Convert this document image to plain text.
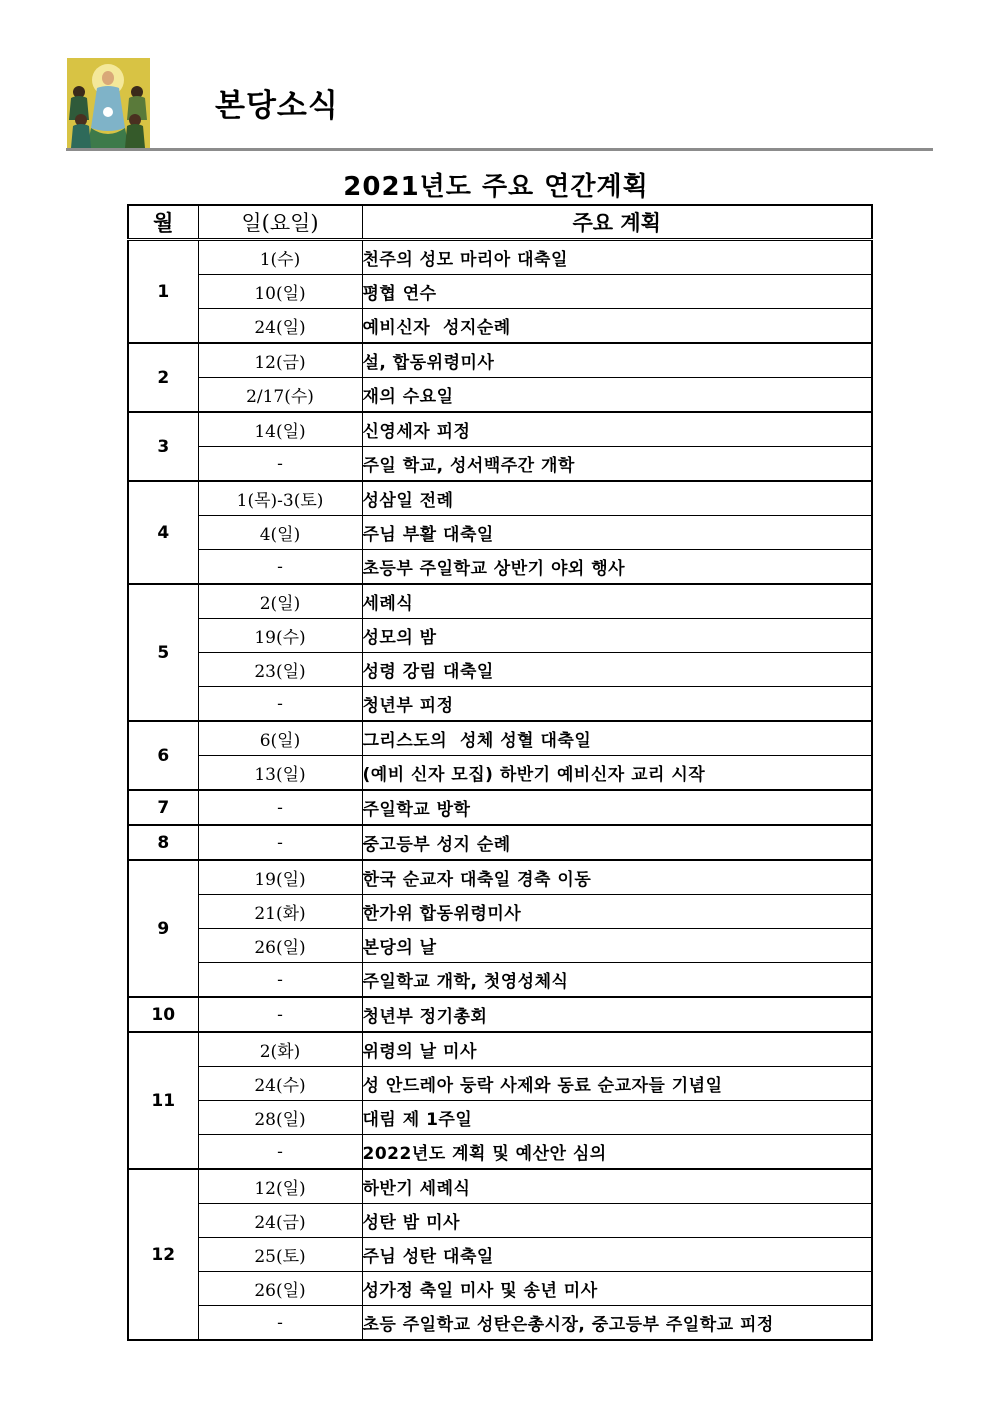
본당소식
2021년도 주요 연간계획
월	일(요일)	주요 계획
1	1(수)	천주의 성모 마리아 대축일
	10(일)	평협 연수
	24(일)	예비신자  성지순례
2	12(금)	설, 합동위령미사
	2/17(수)	재의 수요일
3	14(일)	신영세자 피정
	-	주일 학교, 성서백주간 개학
4	1(목)-3(토)	성삼일 전례
	4(일)	주님 부활 대축일
	-	초등부 주일학교 상반기 야외 행사
5	2(일)	세례식
	19(수)	성모의 밤
	23(일)	성령 강림 대축일
	-	청년부 피정
6	6(일)	그리스도의  성체 성혈 대축일
	13(일)	(예비 신자 모집) 하반기 예비신자 교리 시작
7	-	주일학교 방학
8	-	중고등부 성지 순례
9	19(일)	한국 순교자 대축일 경축 이동
	21(화)	한가위 합동위령미사
	26(일)	본당의 날
	-	주일학교 개학, 첫영성체식
10	-	청년부 정기총회
11	2(화)	위령의 날 미사
	24(수)	성 안드레아 둥락 사제와 동료 순교자들 기념일
	28(일)	대림 제 1주일
	-	2022년도 계획 및 예산안 심의
12	12(일)	하반기 세례식
	24(금)	성탄 밤 미사
	25(토)	주님 성탄 대축일
	26(일)	성가정 축일 미사 및 송년 미사
	-	초등 주일학교 성탄은총시장, 중고등부 주일학교 피정
